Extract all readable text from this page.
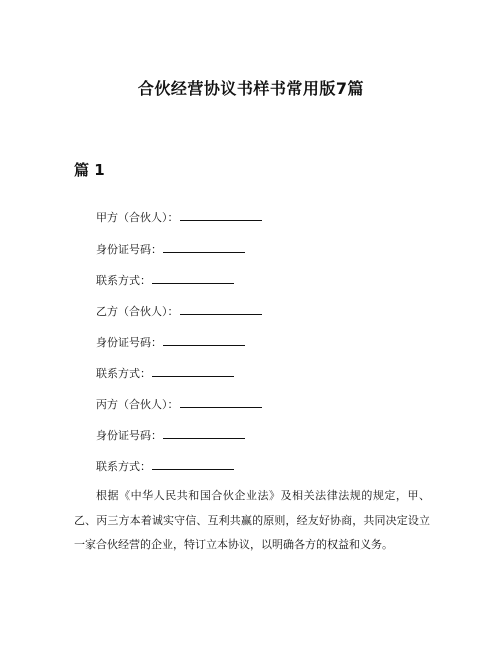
合伙经营协议书样书常用版7篇
篇 1
甲方（合伙人）：
身份证号码：
联系方式：
乙方（合伙人）：
身份证号码：
联系方式：
丙方（合伙人）：
身份证号码：
联系方式：
根据《中华人民共和国合伙企业法》及相关法律法规的规定，甲、乙、丙三方本着诚实守信、互利共赢的原则，经友好协商，共同决定设立一家合伙经营的企业，特订立本协议，以明确各方的权益和义务。
